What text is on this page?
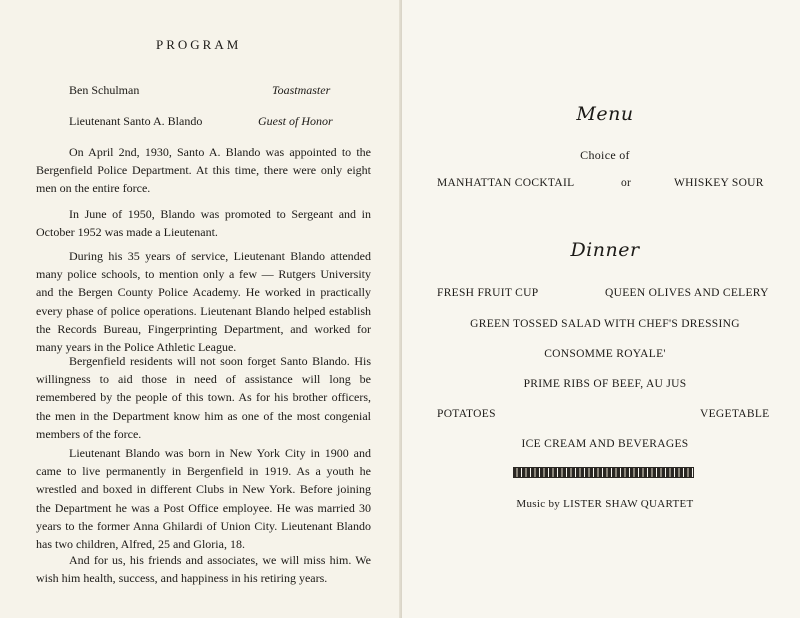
PROGRAM
Ben Schulman	Toastmaster
Lieutenant Santo A. Blando	Guest of Honor
On April 2nd, 1930, Santo A. Blando was appointed to the Bergenfield Police Department. At this time, there were only eight men on the entire force.
In June of 1950, Blando was promoted to Sergeant and in October 1952 was made a Lieutenant.
During his 35 years of service, Lieutenant Blando attended many police schools, to mention only a few — Rutgers University and the Bergen County Police Academy. He worked in practically every phase of police operations. Lieutenant Blando helped establish the Records Bureau, Fingerprinting Department, and worked for many years in the Police Athletic League.
Bergenfield residents will not soon forget Santo Blando. His willingness to aid those in need of assistance will long be remembered by the people of this town. As for his brother officers, the men in the Department know him as one of the most congenial members of the force.
Lieutenant Blando was born in New York City in 1900 and came to live permanently in Bergenfield in 1919. As a youth he wrestled and boxed in different Clubs in New York. Before joining the Department he was a Post Office employee. He was married 30 years to the former Anna Ghilardi of Union City. Lieutenant Blando has two children, Alfred, 25 and Gloria, 18.
And for us, his friends and associates, we will miss him. We wish him health, success, and happiness in his retiring years.
Menu
Choice of
MANHATTAN COCKTAIL	or	WHISKEY SOUR
Dinner
FRESH FRUIT CUP	QUEEN OLIVES AND CELERY
GREEN TOSSED SALAD WITH CHEF'S DRESSING
CONSOMME ROYALE'
PRIME RIBS OF BEEF, AU JUS
POTATOES	VEGETABLE
ICE CREAM AND BEVERAGES
Music by LISTER SHAW QUARTET
